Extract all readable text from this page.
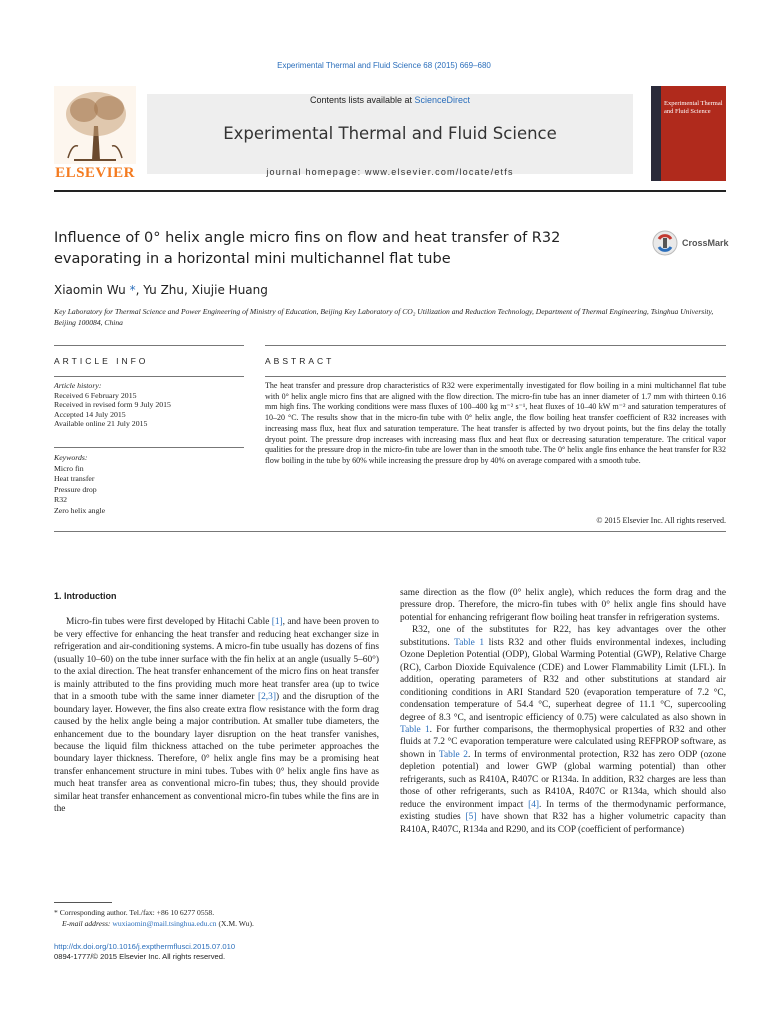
Experimental Thermal and Fluid Science 68 (2015) 669–680
ELSEVIER
Contents lists available at ScienceDirect
Experimental Thermal and Fluid Science
journal homepage: www.elsevier.com/locate/etfs
Experimental Thermal and Fluid Science
Influence of 0° helix angle micro fins on flow and heat transfer of R32 evaporating in a horizontal mini multichannel flat tube
CrossMark
Xiaomin Wu *, Yu Zhu, Xiujie Huang
Key Laboratory for Thermal Science and Power Engineering of Ministry of Education, Beijing Key Laboratory of CO₂ Utilization and Reduction Technology, Department of Thermal Engineering, Tsinghua University, Beijing 100084, China
ARTICLE INFO	ABSTRACT
Article history:
Received 6 February 2015
Received in revised form 9 July 2015
Accepted 14 July 2015
Available online 21 July 2015
Keywords:
Micro fin
Heat transfer
Pressure drop
R32
Zero helix angle
The heat transfer and pressure drop characteristics of R32 were experimentally investigated for flow boiling in a mini multichannel flat tube with 0° helix angle micro fins that are aligned with the flow direction. The micro-fin tube has an inner diameter of 1.7 mm with thirteen 0.16 mm high fins. The working conditions were mass fluxes of 100–400 kg m⁻² s⁻¹, heat fluxes of 10–40 kW m⁻² and saturation temperatures of 10–20 °C. The results show that in the micro-fin tube with 0° helix angle, the flow boiling heat transfer coefficient of R32 increases with increasing mass flux, heat flux and saturation temperature. The heat transfer is affected by two dryout points, but the fins delay the totally dryout point. The pressure drop increases with increasing mass flux and heat flux or decreasing saturation temperature. The critical vapor qualities for the pressure drop in the micro-fin tube are lower than in the smooth tube. The 0° helix angle fins enhance the heat transfer for R32 flow boiling in the tube by 60% while increasing the pressure drop by 40% on average compared with a smooth tube.
© 2015 Elsevier Inc. All rights reserved.
1. Introduction

Micro-fin tubes were first developed by Hitachi Cable [1], and have been proven to be very effective for enhancing the heat transfer and reducing heat exchanger size in refrigeration and air-conditioning systems. A micro-fin tube usually has dozens of fins (usually 10–60) on the tube inner surface with the fin helix at an angle (usually 5–60°) to the axial direction. The heat transfer enhancement of the micro fins on heat transfer is mainly attributed to the fins providing much more heat transfer area (up to twice that in a smooth tube with the same inner diameter [2,3]) and the disruption of the boundary layer. However, the fins also create extra flow resistance with the form drag caused by the helix angle being a major contribution. At smaller tube diameters, the enhancement due to the boundary layer disruption on the heat transfer vanishes, because the liquid film thickness attached on the tube perimeter approaches the boundary layer thickness. Therefore, 0° helix angle fins may be a promising heat transfer enhancement structure in mini tubes. Tubes with 0° helix angle fins have as much heat transfer area as conventional micro-fin tubes; thus, they should provide similar heat transfer enhancement as conventional micro-fin tubes while the fins are in the

same direction as the flow (0° helix angle), which reduces the form drag and the pressure drop. Therefore, the micro-fin tubes with 0° helix angle fins should have potential for enhancing refrigerant flow boiling heat transfer in refrigeration systems.

R32, one of the substitutes for R22, has key advantages over the other substitutions. Table 1 lists R32 and other fluids environmental indexes, including Ozone Depletion Potential (ODP), Global Warming Potential (GWP), Relative Charge (RC), Carbon Dioxide Equivalence (CDE) and Lower Flammability Limit (LFL). In addition, operating parameters of R32 and other substitutions at standard air conditioning conditions in ARI Standard 520 (evaporation temperature of 7.2 °C, condensation temperature of 54.4 °C, superheat degree of 11.1 °C, supercooling degree of 8.3 °C, and isentropic efficiency of 0.75) were calculated as also shown in Table 1. For further comparisons, the thermophysical properties of R32 and other fluids at 7.2 °C evaporation temperature were calculated using REFPROP software, as shown in Table 2. In terms of environmental protection, R32 has zero ODP (ozone depletion potential) and lower GWP (global warming potential) than other refrigerants, such as R410A, R407C or R134a. In addition, R32 charges are less than those of other refrigerants, such as R410A, R407C or R134a, which should also reduce the environment impact [4]. In terms of the thermodynamic performance, existing studies [5] have shown that R32 has a higher volumetric capacity than R410A, R407C, R134a and R290, and its COP (coefficient of performance)

* Corresponding author. Tel./fax: +86 10 6277 0558.
E-mail address: wuxiaomin@mail.tsinghua.edu.cn (X.M. Wu).
http://dx.doi.org/10.1016/j.expthermflusci.2015.07.010
0894-1777/© 2015 Elsevier Inc. All rights reserved.
